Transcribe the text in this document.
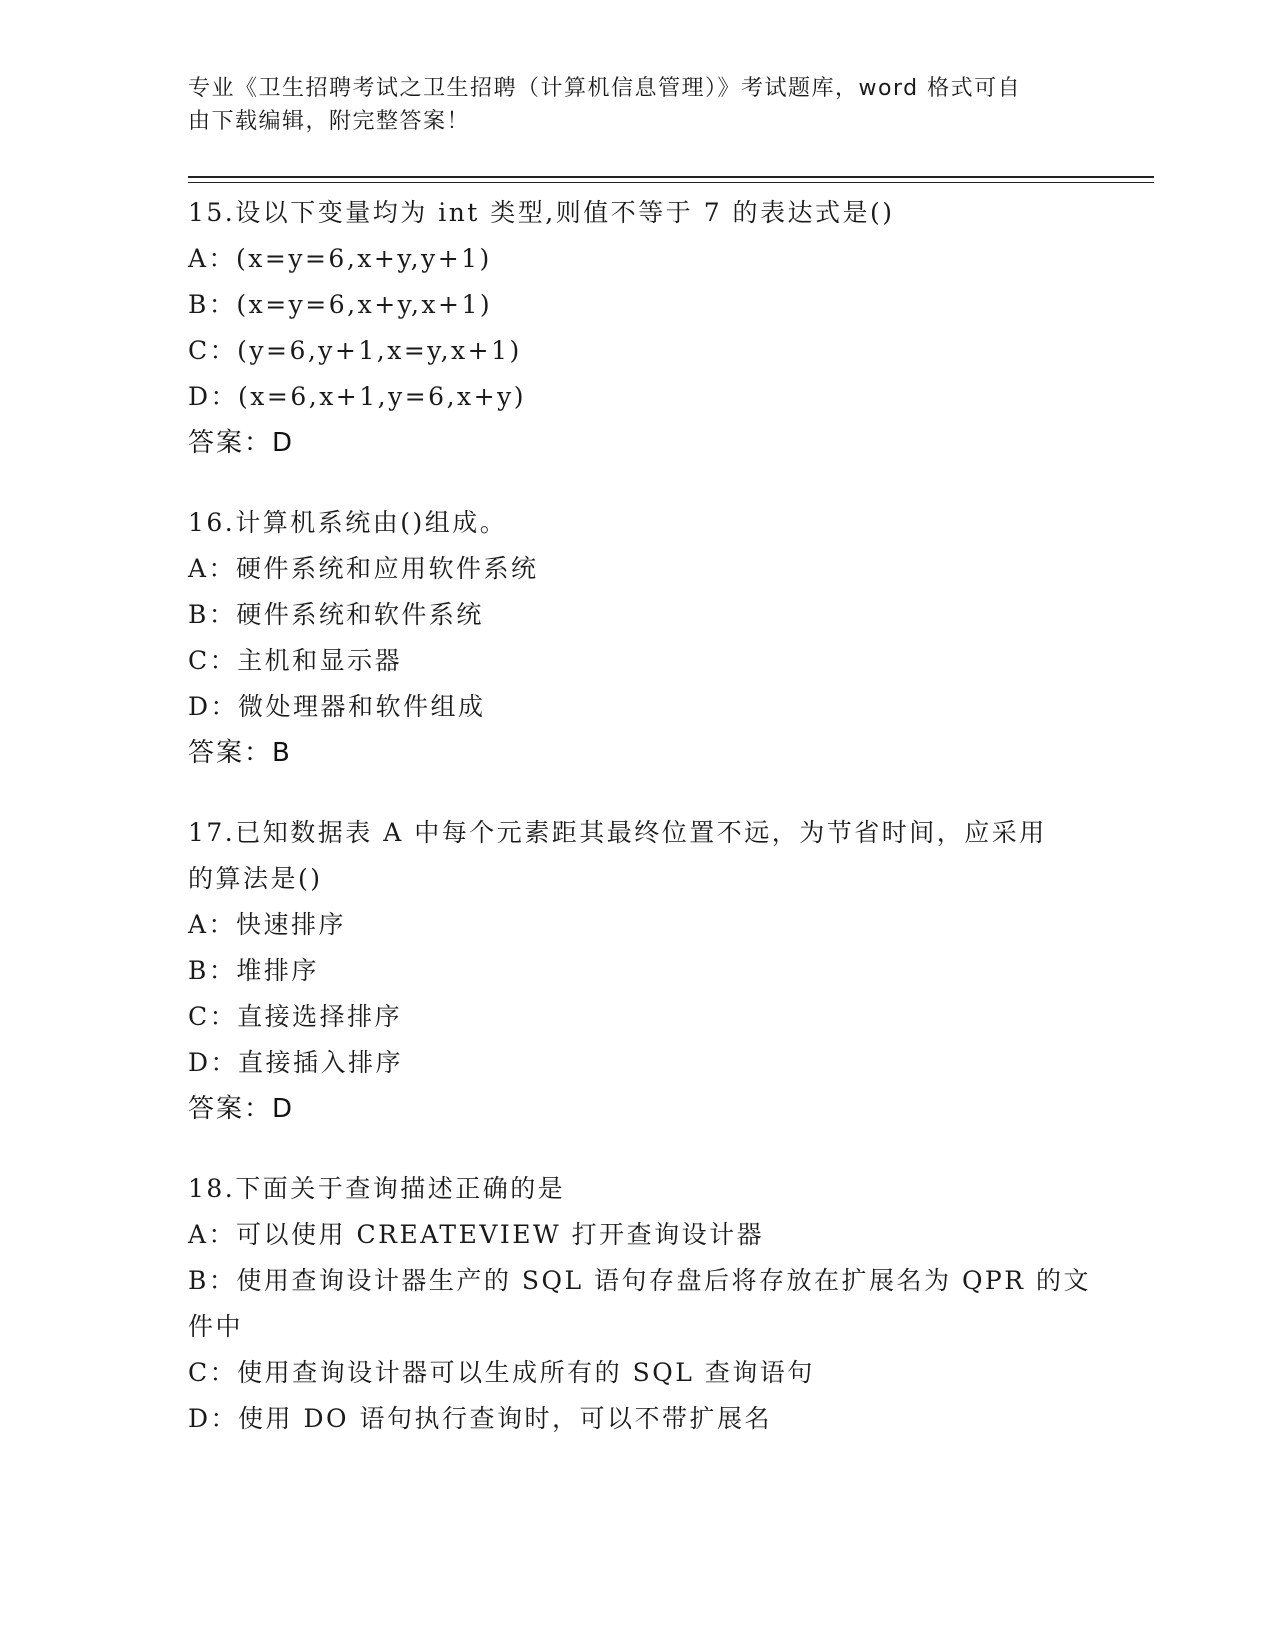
专业《卫生招聘考试之卫生招聘（计算机信息管理）》考试题库，word 格式可自
由下载编辑，附完整答案！
15.设以下变量均为 int 类型,则值不等于 7 的表达式是()
A：(x=y=6,x+y,y+1)
B：(x=y=6,x+y,x+1)
C：(y=6,y+1,x=y,x+1)
D：(x=6,x+1,y=6,x+y)
答案：D
16.计算机系统由()组成。
A：硬件系统和应用软件系统
B：硬件系统和软件系统
C：主机和显示器
D：微处理器和软件组成
答案：B
17.已知数据表 A 中每个元素距其最终位置不远，为节省时间，应采用
的算法是()
A：快速排序
B：堆排序
C：直接选择排序
D：直接插入排序
答案：D
18.下面关于查询描述正确的是
A：可以使用 CREATEVIEW 打开查询设计器
B：使用查询设计器生产的 SQL 语句存盘后将存放在扩展名为 QPR 的文
件中
C：使用查询设计器可以生成所有的 SQL 查询语句
D：使用 DO 语句执行查询时，可以不带扩展名
